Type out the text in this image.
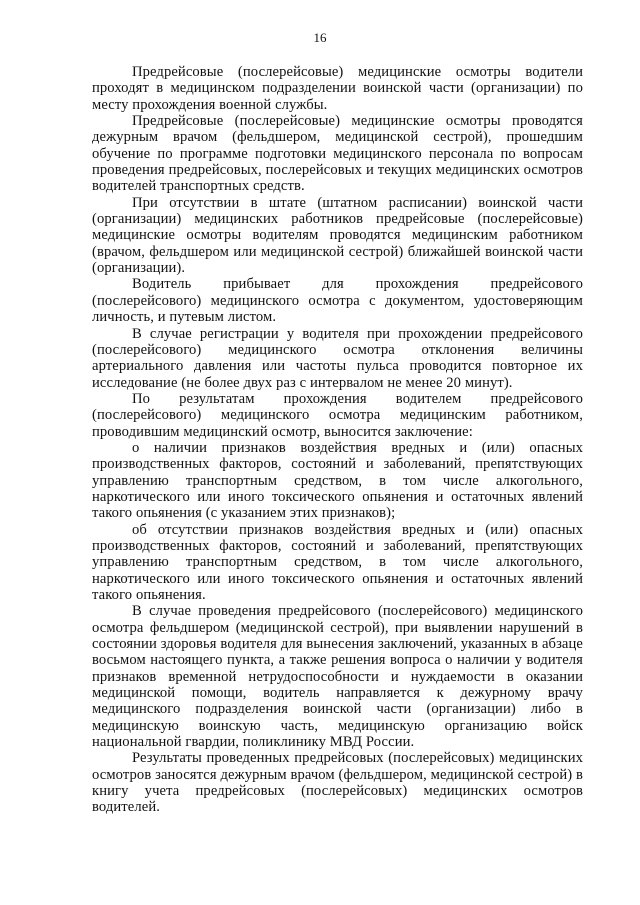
16

Предрейсовые (послерейсовые) медицинские осмотры водители проходят в медицинском подразделении воинской части (организации) по месту прохождения военной службы.

Предрейсовые (послерейсовые) медицинские осмотры проводятся дежурным врачом (фельдшером, медицинской сестрой), прошедшим обучение по программе подготовки медицинского персонала по вопросам проведения предрейсовых, послерейсовых и текущих медицинских осмотров водителей транспортных средств.

При отсутствии в штате (штатном расписании) воинской части (организации) медицинских работников предрейсовые (послерейсовые) медицинские осмотры водителям проводятся медицинским работником (врачом, фельдшером или медицинской сестрой) ближайшей воинской части (организации).

Водитель прибывает для прохождения предрейсового (послерейсового) медицинского осмотра с документом, удостоверяющим личность, и путевым листом.

В случае регистрации у водителя при прохождении предрейсового (послерейсового) медицинского осмотра отклонения величины артериального давления или частоты пульса проводится повторное их исследование (не более двух раз с интервалом не менее 20 минут).

По результатам прохождения водителем предрейсового (послерейсового) медицинского осмотра медицинским работником, проводившим медицинский осмотр, выносится заключение:

о наличии признаков воздействия вредных и (или) опасных производственных факторов, состояний и заболеваний, препятствующих управлению транспортным средством, в том числе алкогольного, наркотического или иного токсического опьянения и остаточных явлений такого опьянения (с указанием этих признаков);

об отсутствии признаков воздействия вредных и (или) опасных производственных факторов, состояний и заболеваний, препятствующих управлению транспортным средством, в том числе алкогольного, наркотического или иного токсического опьянения и остаточных явлений такого опьянения.

В случае проведения предрейсового (послерейсового) медицинского осмотра фельдшером (медицинской сестрой), при выявлении нарушений в состоянии здоровья водителя для вынесения заключений, указанных в абзаце восьмом настоящего пункта, а также решения вопроса о наличии у водителя признаков временной нетрудоспособности и нуждаемости в оказании медицинской помощи, водитель направляется к дежурному врачу медицинского подразделения воинской части (организации) либо в медицинскую воинскую часть, медицинскую организацию войск национальной гвардии, поликлинику МВД России.

Результаты проведенных предрейсовых (послерейсовых) медицинских осмотров заносятся дежурным врачом (фельдшером, медицинской сестрой) в книгу учета предрейсовых (послерейсовых) медицинских осмотров водителей.
